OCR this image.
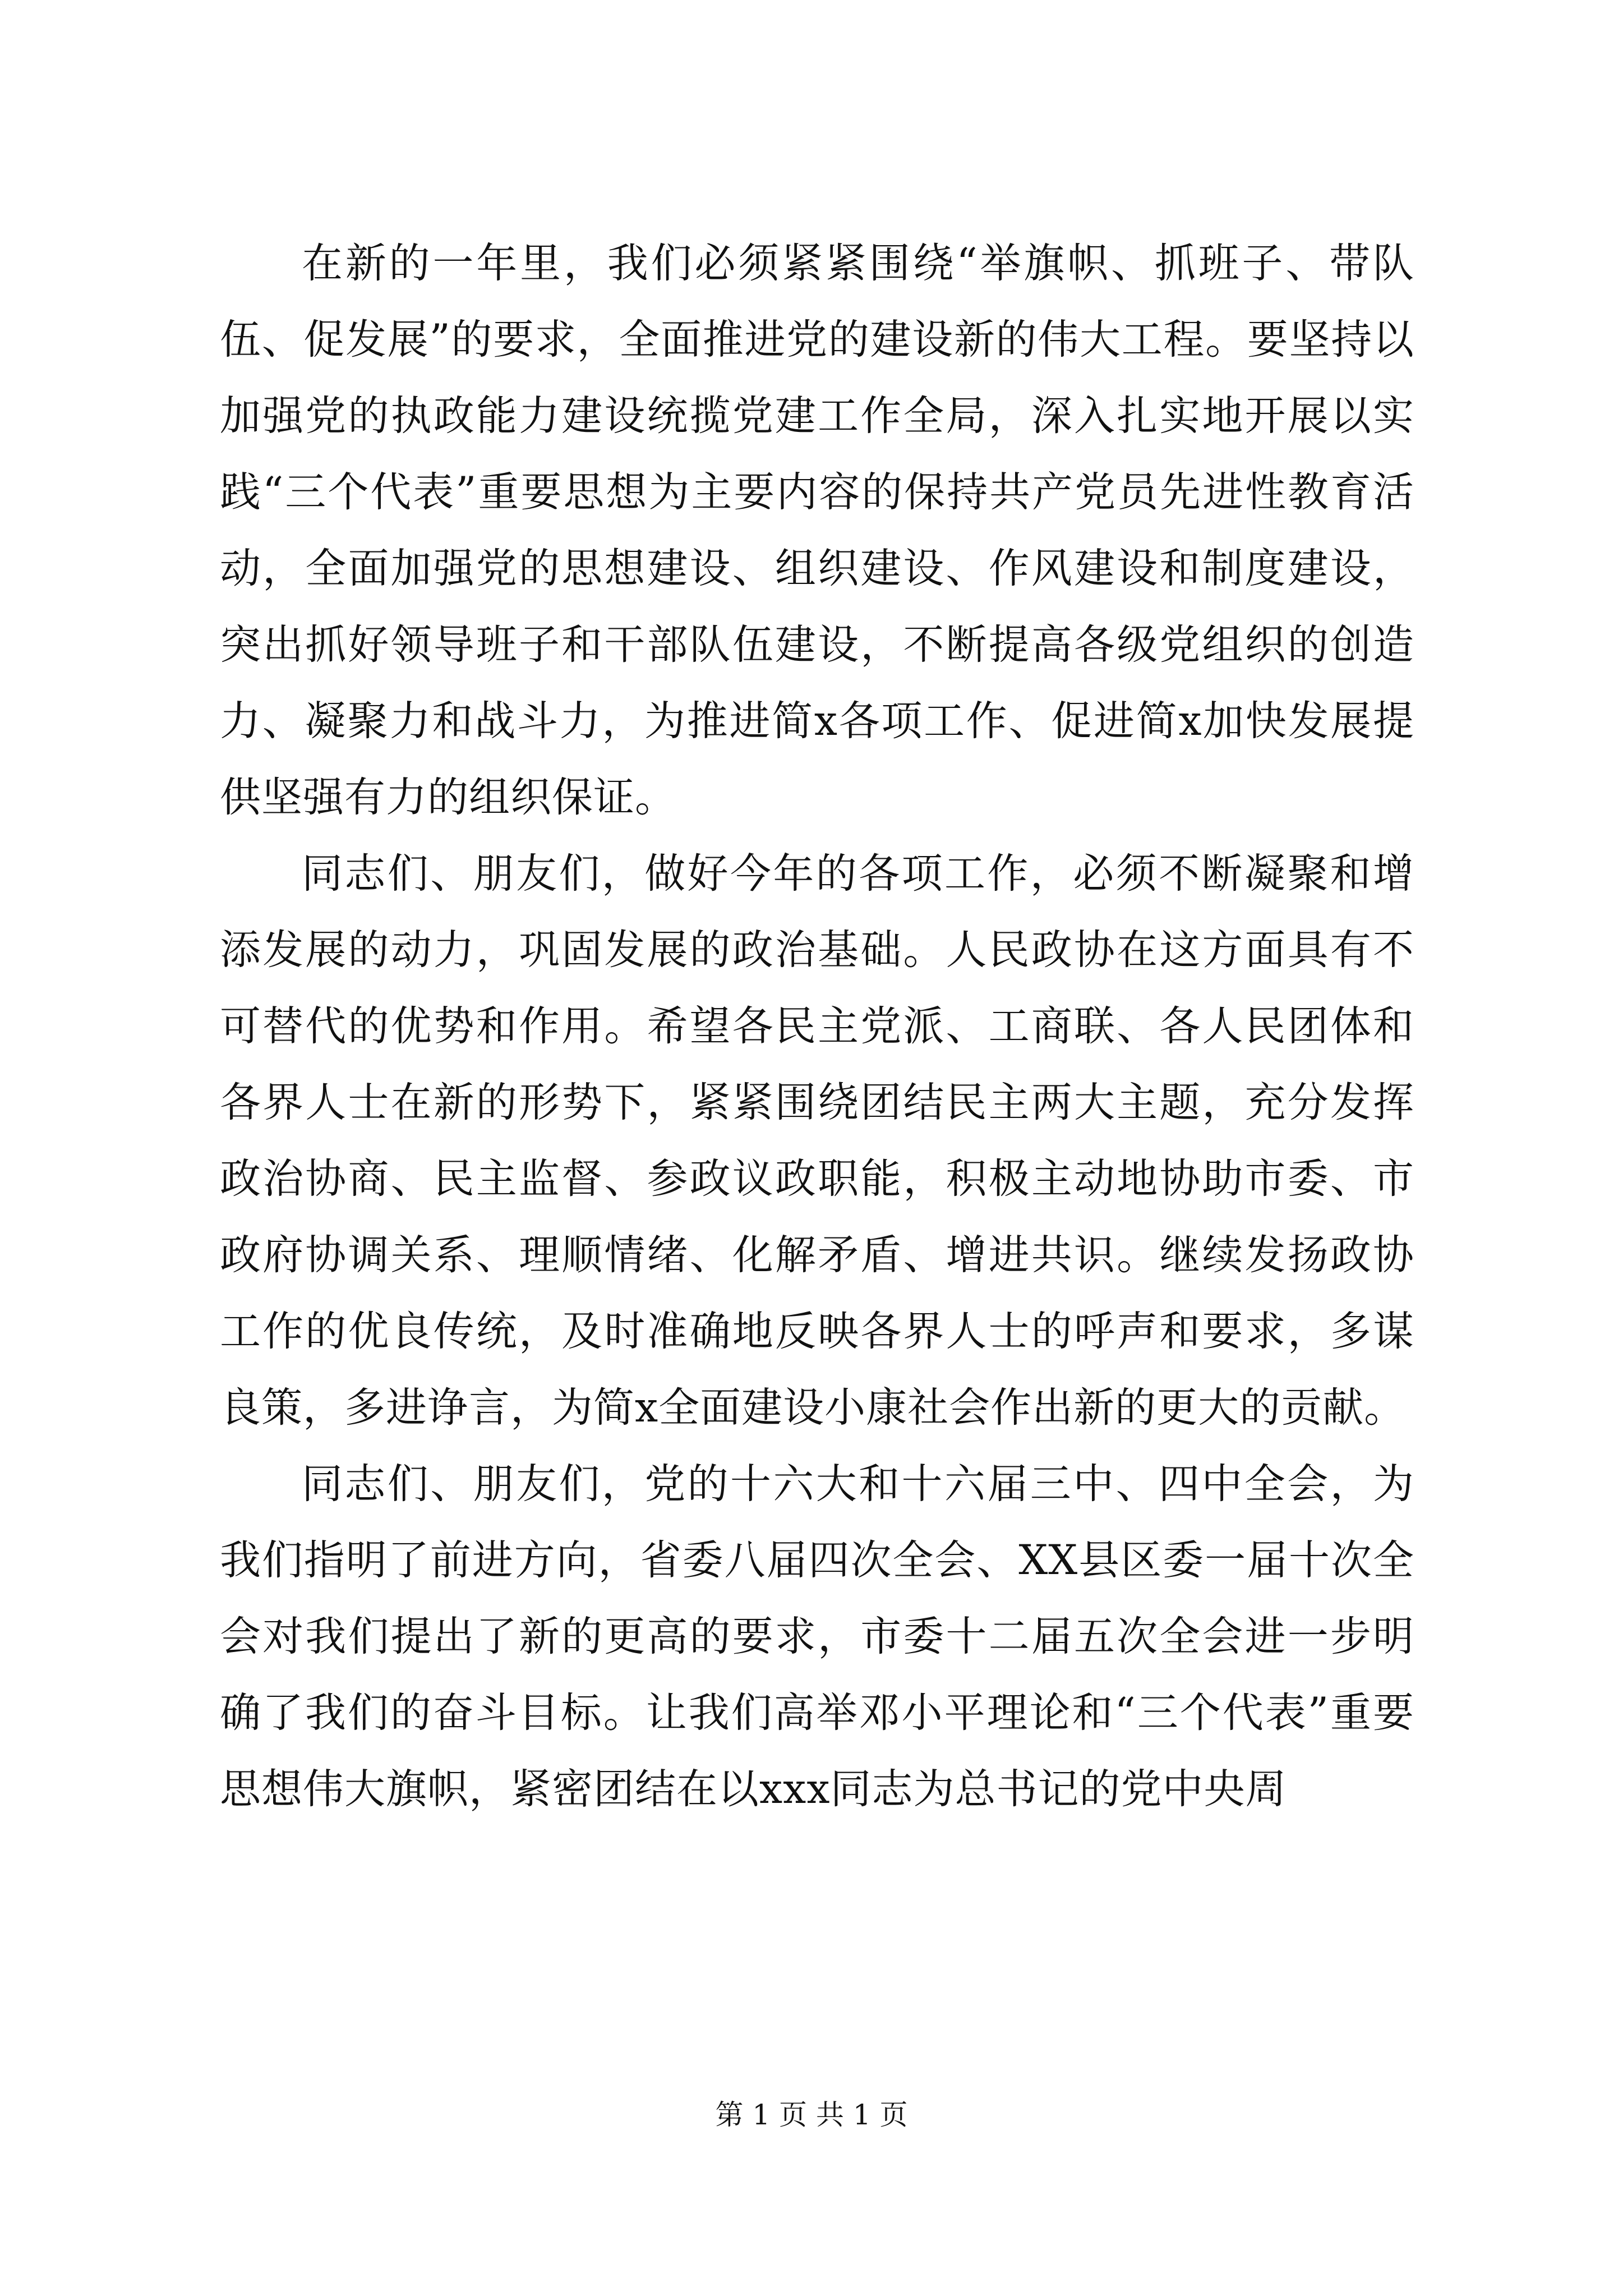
在新的一年里，我们必须紧紧围绕“举旗帜、抓班子、带队伍、促发展”的要求，全面推进党的建设新的伟大工程。要坚持以加强党的执政能力建设统揽党建工作全局，深入扎实地开展以实践“三个代表”重要思想为主要内容的保持共产党员先进性教育活动，全面加强党的思想建设、组织建设、作风建设和制度建设，突出抓好领导班子和干部队伍建设，不断提高各级党组织的创造力、凝聚力和战斗力，为推进简x各项工作、促进简x加快发展提供坚强有力的组织保证。

同志们、朋友们，做好今年的各项工作，必须不断凝聚和增添发展的动力，巩固发展的政治基础。人民政协在这方面具有不可替代的优势和作用。希望各民主党派、工商联、各人民团体和各界人士在新的形势下，紧紧围绕团结民主两大主题，充分发挥政治协商、民主监督、参政议政职能，积极主动地协助市委、市政府协调关系、理顺情绪、化解矛盾、增进共识。继续发扬政协工作的优良传统，及时准确地反映各界人士的呼声和要求，多谋良策，多进诤言，为简x全面建设小康社会作出新的更大的贡献。

同志们、朋友们，党的十六大和十六届三中、四中全会，为我们指明了前进方向，省委八届四次全会、XX县区委一届十次全会对我们提出了新的更高的要求，市委十二届五次全会进一步明确了我们的奋斗目标。让我们高举邓小平理论和“三个代表”重要思想伟大旗帜，紧密团结在以xxx同志为总书记的党中央周

第 1 页 共 1 页
